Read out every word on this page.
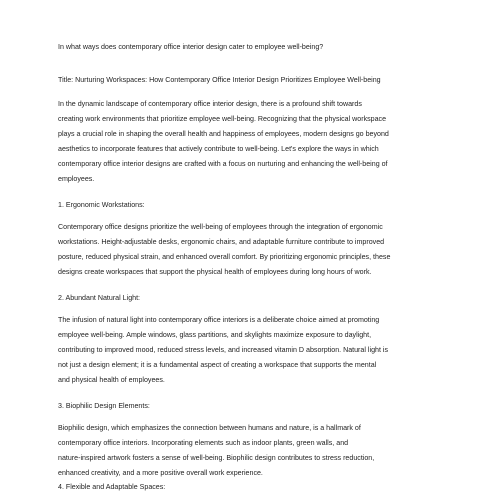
In what ways does contemporary office interior design cater to employee well-being?
Title: Nurturing Workspaces: How Contemporary Office Interior Design Prioritizes Employee Well-being
In the dynamic landscape of contemporary office interior design, there is a profound shift towards
creating work environments that prioritize employee well-being. Recognizing that the physical workspace
plays a crucial role in shaping the overall health and happiness of employees, modern designs go beyond
aesthetics to incorporate features that actively contribute to well-being. Let's explore the ways in which
contemporary office interior designs are crafted with a focus on nurturing and enhancing the well-being of
employees.
1. Ergonomic Workstations:
Contemporary office designs prioritize the well-being of employees through the integration of ergonomic
workstations. Height-adjustable desks, ergonomic chairs, and adaptable furniture contribute to improved
posture, reduced physical strain, and enhanced overall comfort. By prioritizing ergonomic principles, these
designs create workspaces that support the physical health of employees during long hours of work.
2. Abundant Natural Light:
The infusion of natural light into contemporary office interiors is a deliberate choice aimed at promoting
employee well-being. Ample windows, glass partitions, and skylights maximize exposure to daylight,
contributing to improved mood, reduced stress levels, and increased vitamin D absorption. Natural light is
not just a design element; it is a fundamental aspect of creating a workspace that supports the mental
and physical health of employees.
3. Biophilic Design Elements:
Biophilic design, which emphasizes the connection between humans and nature, is a hallmark of
contemporary office interiors. Incorporating elements such as indoor plants, green walls, and
nature-inspired artwork fosters a sense of well-being. Biophilic design contributes to stress reduction,
enhanced creativity, and a more positive overall work experience.
4. Flexible and Adaptable Spaces:
